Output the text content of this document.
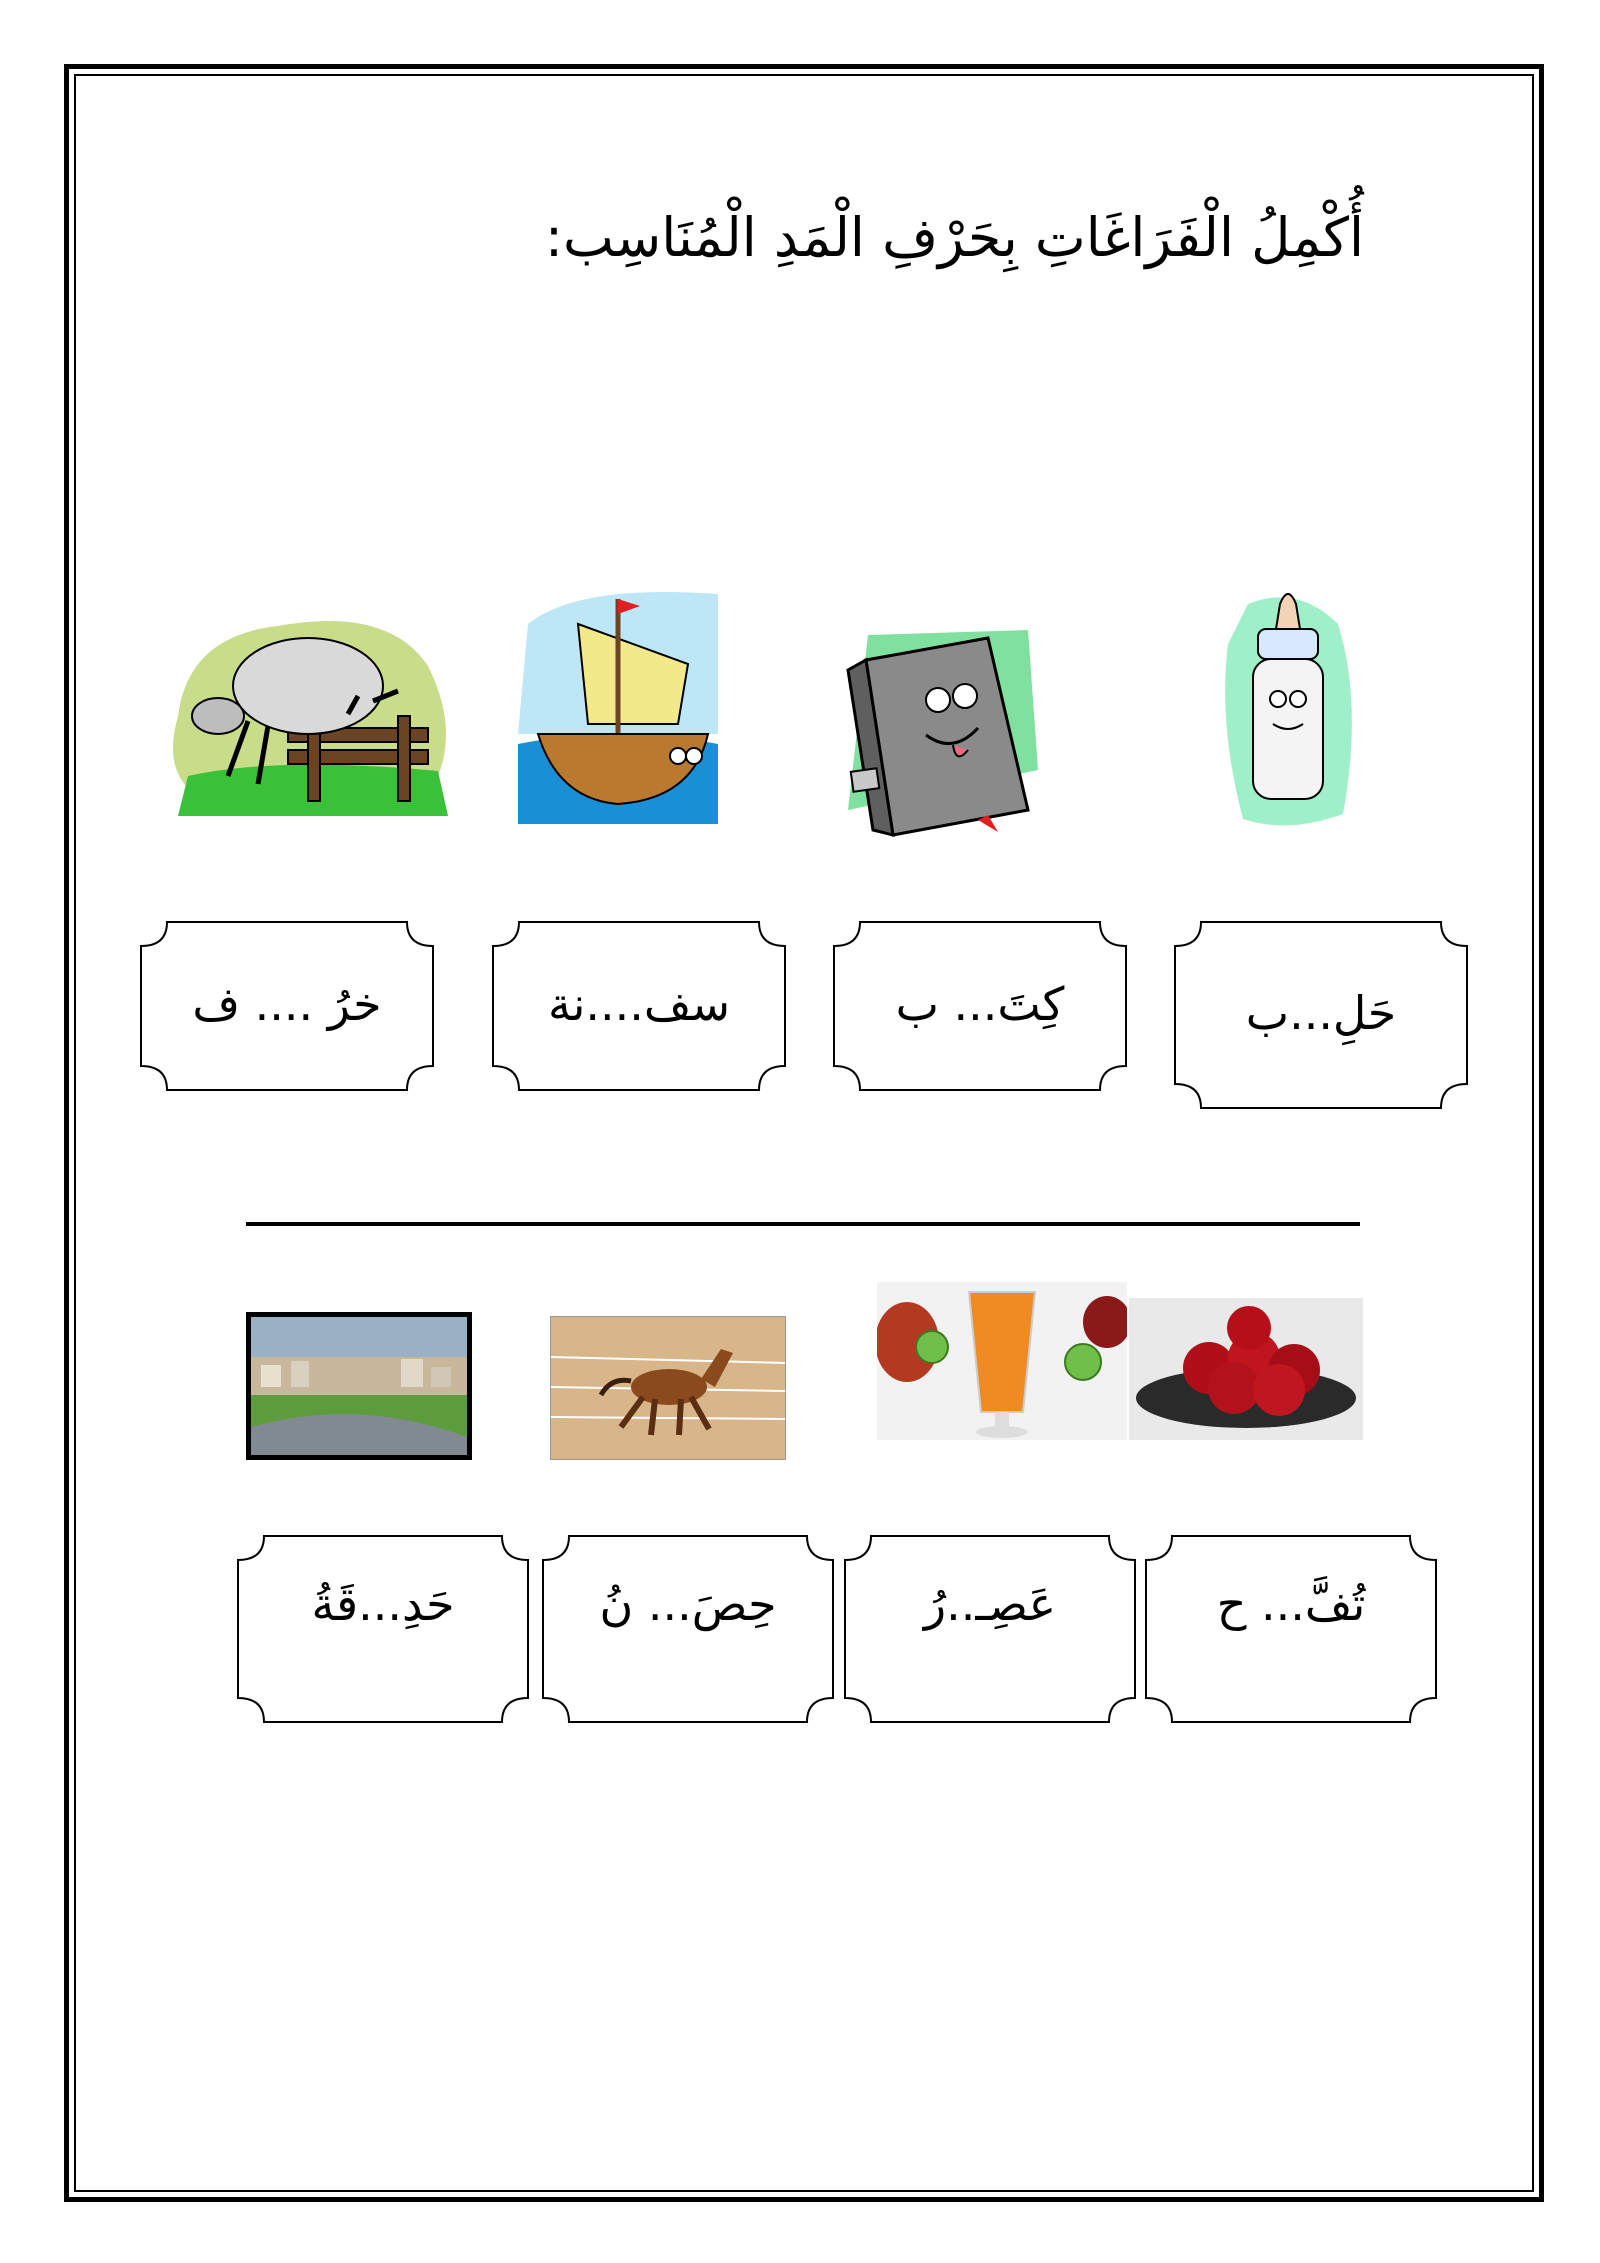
أُكْمِلُ الْفَرَاغَاتِ بِحَرْفِ الْمَدِ الْمُنَاسِب:
خرُ .... ف	سف....نة	كِتَ... ب	حَلِ...ب
حَدِ...قَةُ	حِصَ... نُ	عَصِـ..رُ	تُفَّ... ح
